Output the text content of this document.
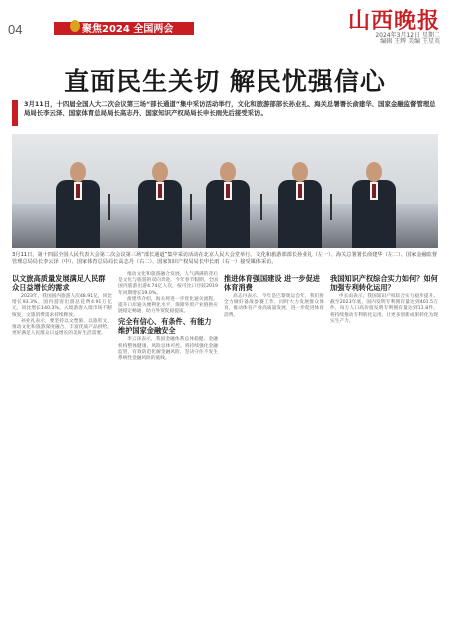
04	聚焦2024 全国两会	山西晚报
2024年3月12日 星期二
编辑 王辉 美编 王星英
直面民生关切 解民忧强信心

3月11日，十四届全国人大二次会议第三场“部长通道”集中采访活动举行，文化和旅游部部长孙业礼、海关总署署长俞建华、国家金融监督管理总局局长李云泽、国家体育总局局长高志丹、国家知识产权局局长申长雨先后接受采访。

3月11日，第十四届全国人民代表大会第二次会议第三场“部长通道”集中采访活动在北京人民大会堂举行。文化和旅游部部长孙业礼（左一）、海关总署署长俞建华（左二）、国家金融监督管理总局局长李云泽（中）、国家体育总局局长高志丹（右二）、国家知识产权局局长申长雨（右一）接受媒体采访。

以文旅高质量发展满足人民群众日益增长的需求

2023年，我国国内旅游人次48.91亿，同比增长93.3%，国内游客出游总花费4.91万亿元，同比增长140.3%。入境游客入境市场不断恢复，文旅消费需求持续释放。

孙业礼表示，要坚持以文塑旅、以旅彰文，推动文化和旅游深度融合，丰富优质产品供给，更好满足人民群众日益增长的美好生活需要。

推动文化和旅游融合发展，人气满满的背后是文化与旅游的双向奔赴。今年春节假期，全国国内旅游出游4.74亿人次，按可比口径较2019年同期增长19.0%。

俞建华介绍，海关将进一步优化通关流程，提升口岸通关便利化水平，保障外贸产业链供应链稳定畅通，助力外贸促稳提质。

完全有信心、有条件、有能力维护国家金融安全

李云泽表示，我国金融体系总体稳健，金融机构整体健康，风险总体可控。将持续强化金融监管，有效防范化解金融风险，坚决守住不发生系统性金融风险的底线。

推进体育强国建设 进一步促进体育消费

高志丹表示，今年是巴黎奥运会年，我们将全力做好备战参赛工作，同时大力发展群众体育，推动体育产业高质量发展，进一步促进体育消费。

我国知识产权综合实力如何？如何加强专利转化运用？

申长雨表示，我国知识产权综合实力稳步提升。截至2023年底，国内发明专利拥有量达到401.5万件，每万人口高价值发明专利拥有量达到11.8件。将持续推动专利转化运用，让更多创新成果转化为现实生产力。
